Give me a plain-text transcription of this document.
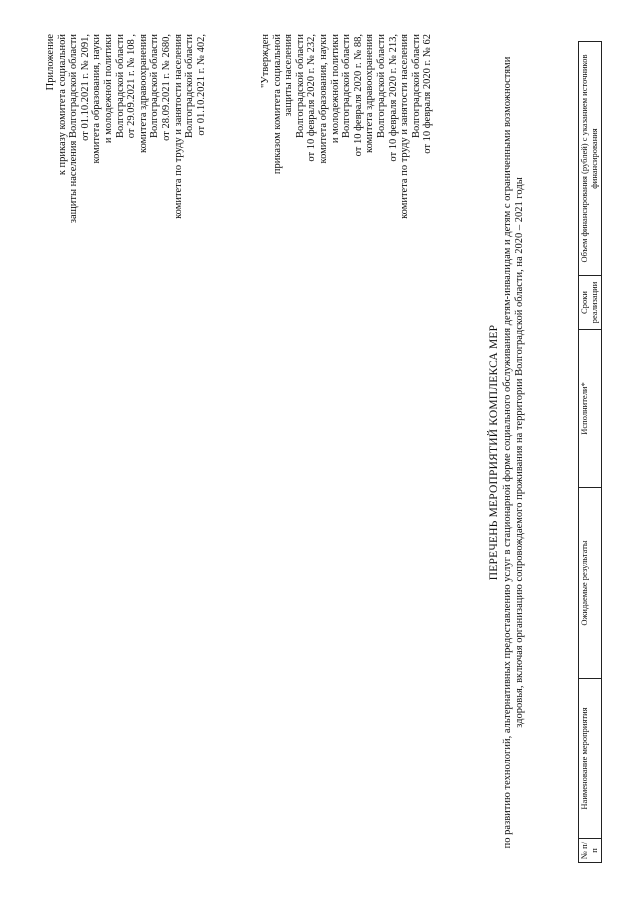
Приложение к приказу комитета социальной защиты населения Волгоградской области от 01.10.2021 г. № 2091, комитета образования, науки и молодежной политики Волгоградской области от 29.09.2021 г. № 108 , комитета здравоохранения Волгоградской области от 28.09.2021 г. № 2680, комитета по труду и занятости населения Волгоградской области от 01.10.2021 г. № 402,	"Утвержден приказом комитета социальной защиты населения Волгоградской области от 10 февраля 2020 г. № 232, комитета образования, науки и молодежной политики Волгоградской области от 10 февраля 2020 г. № 88, комитета здравоохранения Волгоградской области от 10 февраля 2020 г. № 213, комитета по труду и занятости населения Волгоградской области от 10 февраля 2020 г. № 62
ПЕРЕЧЕНЬ МЕРОПРИЯТИЙ КОМПЛЕКСА МЕР по развитию технологий, альтернативных предоставлению услуг в стационарной форме социального обслуживания детям-инвалидам и детям с ограниченными возможностями здоровья, включая организацию сопровождаемого проживания на территории Волгоградской области, на 2020 – 2021 годы
№ п/п	Наименование мероприятия	Ожидаемые результаты	Исполнители*	Сроки реализации	Объем финансирования (рублей) с указанием источников финансирования
